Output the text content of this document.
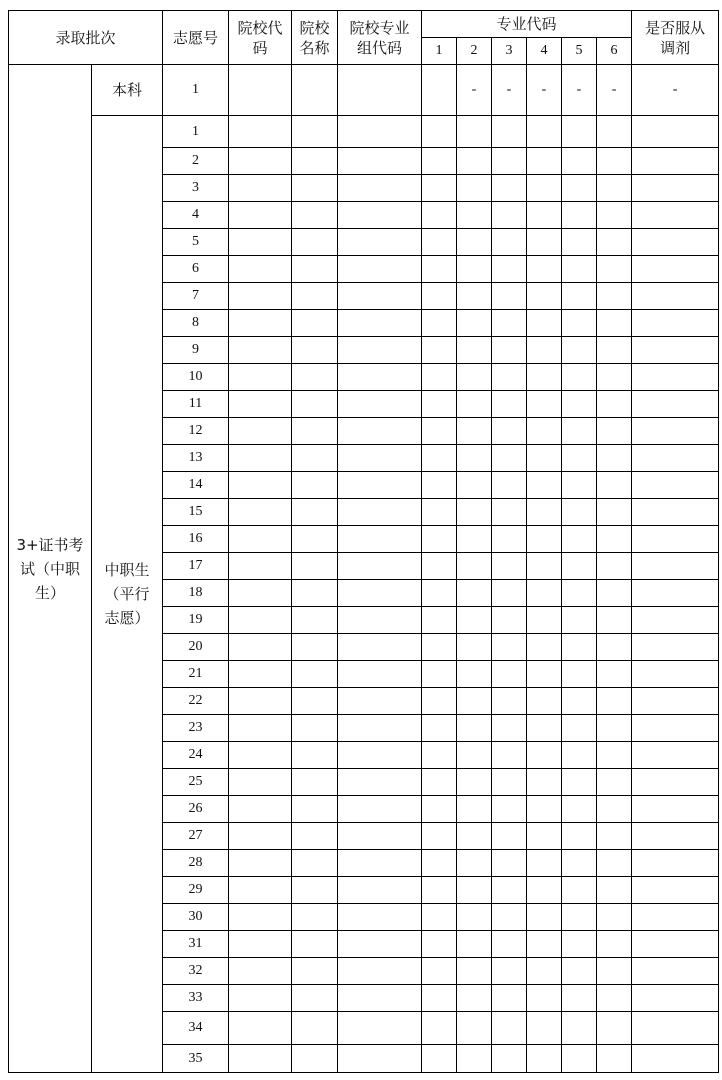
录取批次		志愿号	院校代码	院校名称	院校专业组代码	专业代码						是否服从调剂
						1	2	3	4	5	6	
3+证书考试（中职生）	本科	1					-	-	-	-	-	-
	中职生（平行志愿）	1										
		2										
		3										
		4										
		5										
		6										
		7										
		8										
		9										
		10										
		11										
		12										
		13										
		14										
		15										
		16										
		17										
		18										
		19										
		20										
		21										
		22										
		23										
		24										
		25										
		26										
		27										
		28										
		29										
		30										
		31										
		32										
		33										
		34										
		35										
